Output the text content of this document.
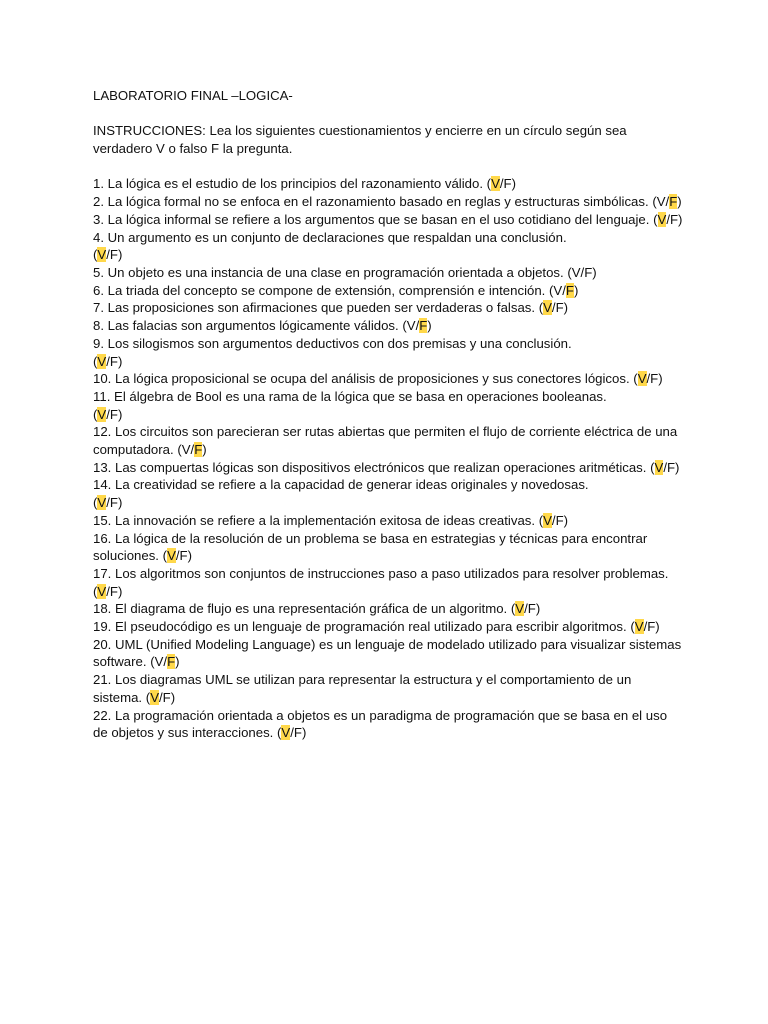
LABORATORIO FINAL –LOGICA-
INSTRUCCIONES: Lea los siguientes cuestionamientos y encierre en un círculo según sea verdadero V o falso F la pregunta.

1. La lógica es el estudio de los principios del razonamiento válido. (V/F)

2. La lógica formal no se enfoca en el razonamiento basado en reglas y estructuras simbólicas. (V/F)

3. La lógica informal se refiere a los argumentos que se basan en el uso cotidiano del lenguaje. (V/F)

4. Un argumento es un conjunto de declaraciones que respaldan una conclusión.
(V/F)

5. Un objeto es una instancia de una clase en programación orientada a objetos. (V/F)

6. La triada del concepto se compone de extensión, comprensión e intención. (V/F)

7. Las proposiciones son afirmaciones que pueden ser verdaderas o falsas. (V/F)

8. Las falacias son argumentos lógicamente válidos. (V/F)

9. Los silogismos son argumentos deductivos con dos premisas y una conclusión.
(V/F)

10. La lógica proposicional se ocupa del análisis de proposiciones y sus conectores lógicos. (V/F)

11. El álgebra de Bool es una rama de la lógica que se basa en operaciones booleanas.
(V/F)

12. Los circuitos son parecieran ser rutas abiertas que permiten el flujo de corriente eléctrica de una computadora. (V/F)

13. Las compuertas lógicas son dispositivos electrónicos que realizan operaciones aritméticas. (V/F)

14. La creatividad se refiere a la capacidad de generar ideas originales y novedosas.
(V/F)

15. La innovación se refiere a la implementación exitosa de ideas creativas. (V/F)

16. La lógica de la resolución de un problema se basa en estrategias y técnicas para encontrar soluciones. (V/F)

17. Los algoritmos son conjuntos de instrucciones paso a paso utilizados para resolver problemas. (V/F)

18. El diagrama de flujo es una representación gráfica de un algoritmo. (V/F)

19. El pseudocódigo es un lenguaje de programación real utilizado para escribir algoritmos. (V/F)

20. UML (Unified Modeling Language) es un lenguaje de modelado utilizado para visualizar sistemas software. (V/F)

21. Los diagramas UML se utilizan para representar la estructura y el comportamiento de un sistema. (V/F)

22. La programación orientada a objetos es un paradigma de programación que se basa en el uso de objetos y sus interacciones. (V/F)
